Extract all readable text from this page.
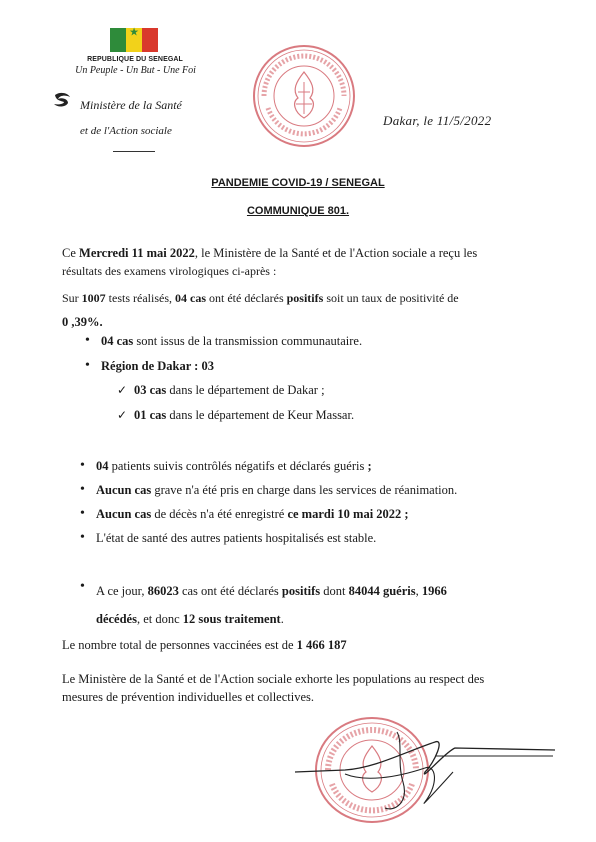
★
REPUBLIQUE DU SENEGAL
Un Peuple - Un But - Une Foi
Ministère de la Santé
et de l'Action sociale
Dakar, le 11/5/2022
PANDEMIE COVID-19 / SENEGAL
COMMUNIQUE 801.
Ce Mercredi 11 mai 2022, le Ministère de la Santé et de l'Action sociale a reçu les
résultats des examens virologiques ci-après :
Sur 1007 tests réalisés, 04 cas ont été déclarés positifs soit un taux de positivité de
0 ,39%.
• 04 cas sont issus de la transmission communautaire.
• Région de Dakar : 03
✓ 03 cas dans le département de Dakar ;
✓ 01 cas dans le département de Keur Massar.
• 04 patients suivis contrôlés négatifs et déclarés guéris ;
• Aucun cas grave n'a été pris en charge dans les services de réanimation.
• Aucun cas de décès n'a été enregistré ce mardi 10 mai 2022 ;
• L'état de santé des autres patients hospitalisés est stable.
• A ce jour, 86023 cas ont été déclarés positifs dont 84044 guéris, 1966
décédés, et donc 12 sous traitement.
Le nombre total de personnes vaccinées est de 1 466 187
Le Ministère de la Santé et de l'Action sociale exhorte les populations au respect des
mesures de prévention individuelles et collectives.
